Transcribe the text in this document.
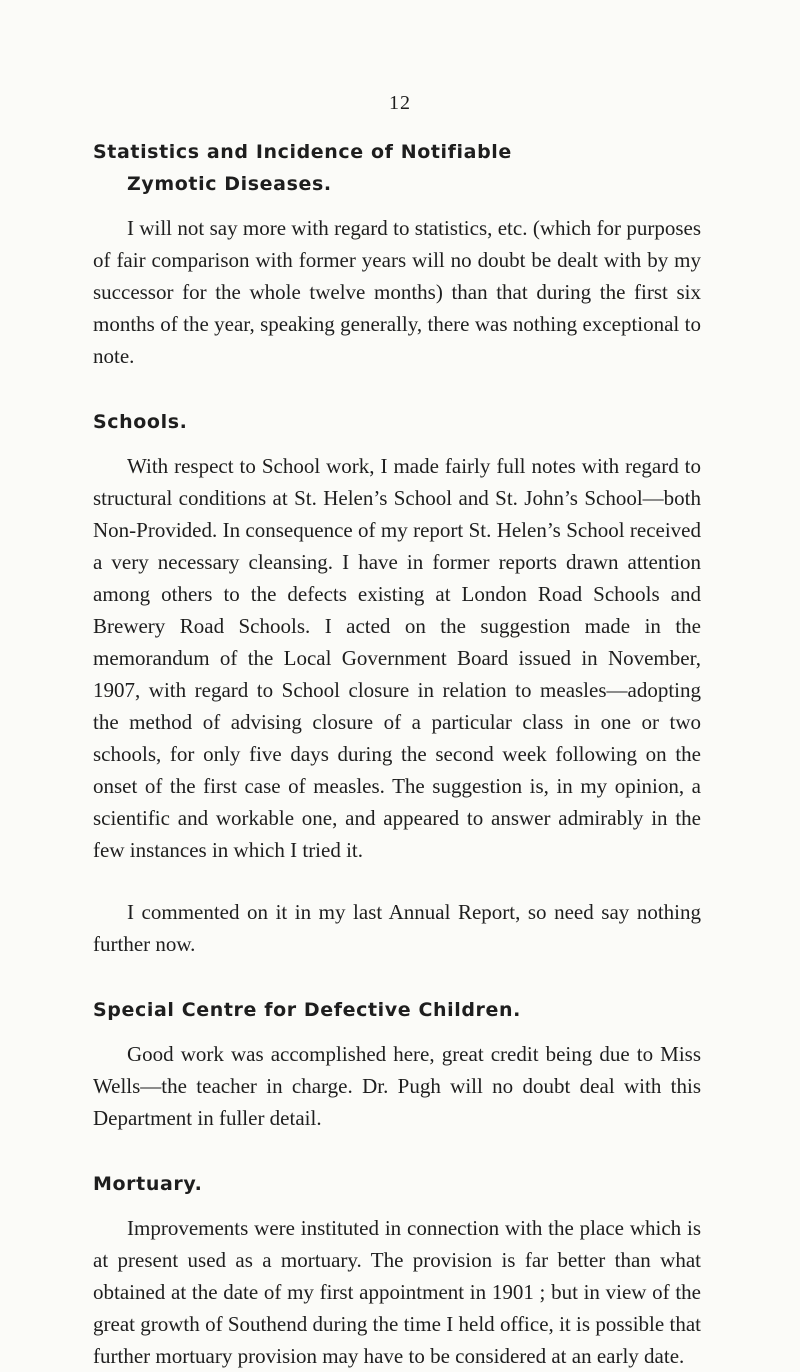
12
Statistics and Incidence of Notifiable
Zymotic Diseases.

I will not say more with regard to statistics, etc. (which for purposes of fair comparison with former years will no doubt be dealt with by my successor for the whole twelve months) than that during the first six months of the year, speaking generally, there was nothing exceptional to note.

Schools.

With respect to School work, I made fairly full notes with regard to structural conditions at St. Helen’s School and St. John’s School—both Non-Provided. In consequence of my report St. Helen’s School received a very necessary cleansing. I have in former reports drawn attention among others to the defects existing at London Road Schools and Brewery Road Schools. I acted on the suggestion made in the memorandum of the Local Government Board issued in November, 1907, with regard to School closure in relation to measles—adopting the method of advising closure of a particular class in one or two schools, for only five days during the second week following on the onset of the first case of measles. The suggestion is, in my opinion, a scientific and workable one, and appeared to answer admirably in the few instances in which I tried it.

I commented on it in my last Annual Report, so need say nothing further now.

Special Centre for Defective Children.

Good work was accomplished here, great credit being due to Miss Wells—the teacher in charge. Dr. Pugh will no doubt deal with this Department in fuller detail.

Mortuary.

Improvements were instituted in connection with the place which is at present used as a mortuary. The provision is far better than what obtained at the date of my first appointment in 1901 ; but in view of the great growth of Southend during the time I held office, it is possible that further mortuary provision may have to be considered at an early date.
